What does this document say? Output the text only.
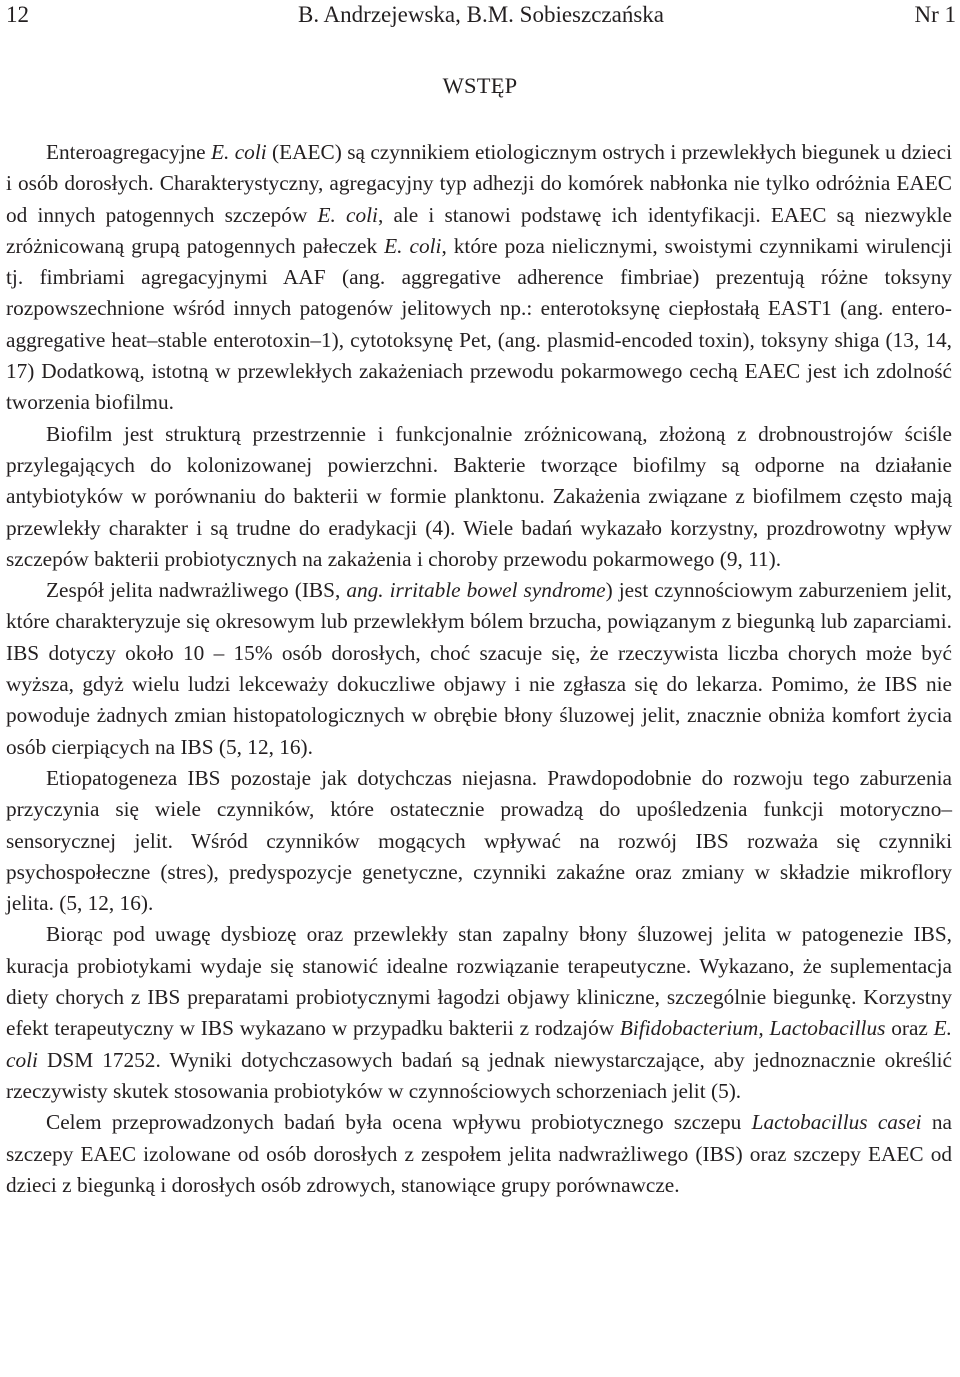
12	B. Andrzejewska, B.M. Sobieszczańska	Nr 1
WSTĘP

Enteroagregacyjne E. coli (EAEC) są czynnikiem etiologicznym ostrych i przewlekłych biegunek u dzieci i osób dorosłych. Charakterystyczny, agregacyjny typ adhezji do komórek nabłonka nie tylko odróżnia EAEC od innych patogennych szczepów E. coli, ale i stanowi podstawę ich identyfikacji. EAEC są niezwykle zróżnicowaną grupą patogennych pałeczek E. coli, które poza nielicznymi, swoistymi czynnikami wirulencji tj. fimbriami agregacyjnymi AAF (ang. aggregative adherence fimbriae) prezentują różne toksyny rozpowszechnione wśród innych patogenów jelitowych np.: enterotoksynę ciepłostałą EAST1 (ang. entero-aggregative heat–stable enterotoxin–1), cytotoksynę Pet, (ang. plasmid-encoded toxin), toksyny shiga (13, 14, 17) Dodatkową, istotną w przewlekłych zakażeniach przewodu pokarmowego cechą EAEC jest ich zdolność tworzenia biofilmu.

Biofilm jest strukturą przestrzennie i funkcjonalnie zróżnicowaną, złożoną z drobnoustrojów ściśle przylegających do kolonizowanej powierzchni. Bakterie tworzące biofilmy są odporne na działanie antybiotyków w porównaniu do bakterii w formie planktonu. Zakażenia związane z biofilmem często mają przewlekły charakter i są trudne do eradykacji (4). Wiele badań wykazało korzystny, prozdrowotny wpływ szczepów bakterii probiotycznych na zakażenia i choroby przewodu pokarmowego (9, 11).

Zespół jelita nadwrażliwego (IBS, ang. irritable bowel syndrome) jest czynnościowym zaburzeniem jelit, które charakteryzuje się okresowym lub przewlekłym bólem brzucha, powiązanym z biegunką lub zaparciami. IBS dotyczy około 10 – 15% osób dorosłych, choć szacuje się, że rzeczywista liczba chorych może być wyższa, gdyż wielu ludzi lekceważy dokuczliwe objawy i nie zgłasza się do lekarza. Pomimo, że IBS nie powoduje żadnych zmian histopatologicznych w obrębie błony śluzowej jelit, znacznie obniża komfort życia osób cierpiących na IBS (5, 12, 16).

Etiopatogeneza IBS pozostaje jak dotychczas niejasna. Prawdopodobnie do rozwoju tego zaburzenia przyczynia się wiele czynników, które ostatecznie prowadzą do upośledzenia funkcji motoryczno– sensorycznej jelit. Wśród czynników mogących wpływać na rozwój IBS rozważa się czynniki psychospołeczne (stres), predyspozycje genetyczne, czynniki zakaźne oraz zmiany w składzie mikroflory jelita. (5, 12, 16).

Biorąc pod uwagę dysbiozę oraz przewlekły stan zapalny błony śluzowej jelita w patogenezie IBS, kuracja probiotykami wydaje się stanowić idealne rozwiązanie terapeutyczne. Wykazano, że suplementacja diety chorych z IBS preparatami probiotycznymi łagodzi objawy kliniczne, szczególnie biegunkę. Korzystny efekt terapeutyczny w IBS wykazano w przypadku bakterii z rodzajów Bifidobacterium, Lactobacillus oraz E. coli DSM 17252. Wyniki dotychczasowych badań są jednak niewystarczające, aby jednoznacznie określić rzeczywisty skutek stosowania probiotyków w czynnościowych schorzeniach jelit (5).

Celem przeprowadzonych badań była ocena wpływu probiotycznego szczepu Lactobacillus casei na szczepy EAEC izolowane od osób dorosłych z zespołem jelita nadwrażliwego (IBS) oraz szczepy EAEC od dzieci z biegunką i dorosłych osób zdrowych, stanowiące grupy porównawcze.
